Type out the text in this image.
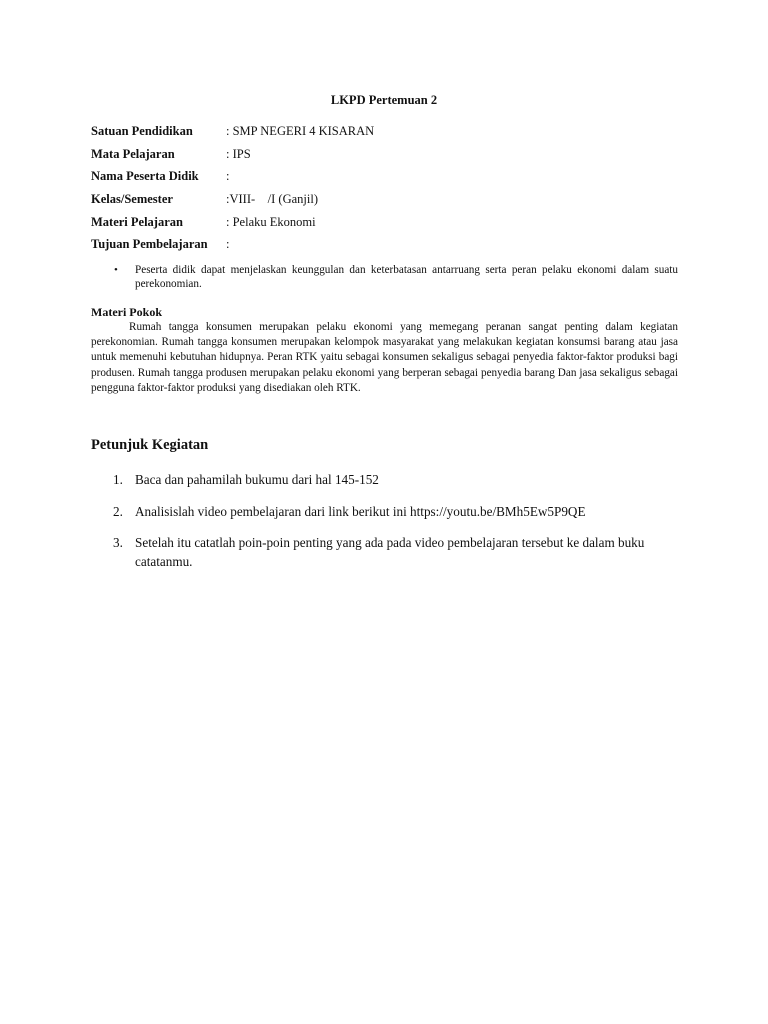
LKPD Pertemuan 2
Satuan Pendidikan	: SMP NEGERI 4 KISARAN
Mata Pelajaran	: IPS
Nama Peserta Didik :
Kelas/Semester	:VIII-    /I (Ganjil)
Materi Pelajaran	: Pelaku Ekonomi
Tujuan Pembelajaran :
• Peserta didik dapat menjelaskan keunggulan dan keterbatasan antarruang serta peran pelaku ekonomi dalam suatu perekonomian.
Materi Pokok
Rumah tangga konsumen merupakan pelaku ekonomi yang memegang peranan sangat penting dalam kegiatan perekonomian. Rumah tangga konsumen merupakan kelompok masyarakat yang melakukan kegiatan konsumsi barang atau jasa untuk memenuhi kebutuhan hidupnya. Peran RTK yaitu sebagai konsumen sekaligus sebagai penyedia faktor-faktor produksi bagi produsen. Rumah tangga produsen merupakan pelaku ekonomi yang berperan sebagai penyedia barang Dan jasa sekaligus sebagai pengguna faktor-faktor produksi yang disediakan oleh RTK.
Petunjuk Kegiatan
1. Baca dan pahamilah bukumu dari hal 145-152
2. Analisislah video pembelajaran dari link berikut ini https://youtu.be/BMh5Ew5P9QE
3. Setelah itu catatlah poin-poin penting yang ada pada video pembelajaran tersebut ke dalam buku catatanmu.
